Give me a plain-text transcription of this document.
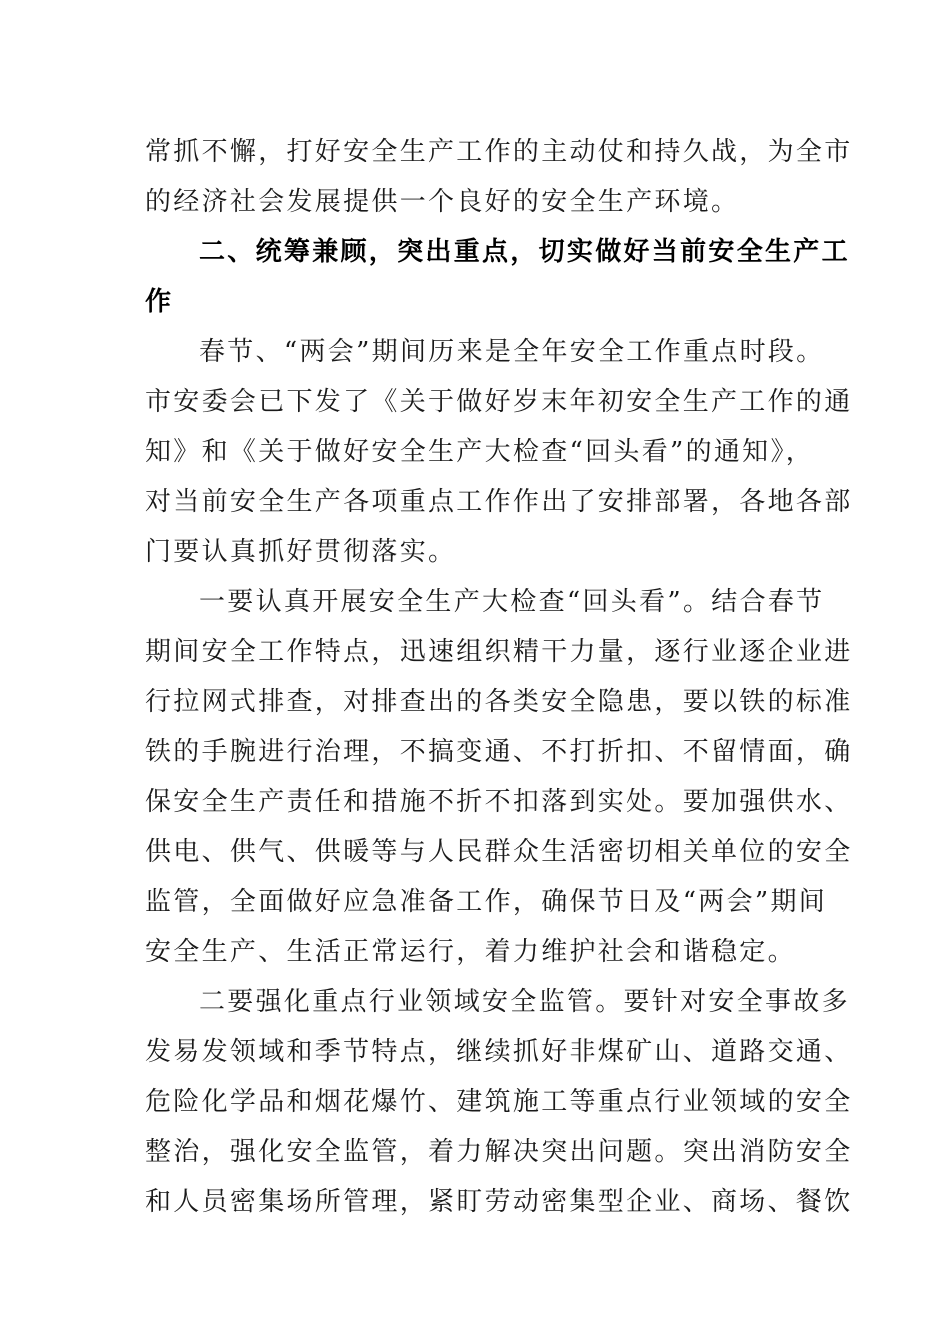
常抓不懈，打好安全生产工作的主动仗和持久战，为全市
的经济社会发展提供一个良好的安全生产环境。
二、统筹兼顾，突出重点，切实做好当前安全生产工
作
春节、“两会”期间历来是全年安全工作重点时段。
市安委会已下发了《关于做好岁末年初安全生产工作的通
知》和《关于做好安全生产大检查“回头看”的通知》，
对当前安全生产各项重点工作作出了安排部署，各地各部
门要认真抓好贯彻落实。
一要认真开展安全生产大检查“回头看”。结合春节
期间安全工作特点，迅速组织精干力量，逐行业逐企业进
行拉网式排查，对排查出的各类安全隐患，要以铁的标准
铁的手腕进行治理，不搞变通、不打折扣、不留情面，确
保安全生产责任和措施不折不扣落到实处。要加强供水、
供电、供气、供暖等与人民群众生活密切相关单位的安全
监管，全面做好应急准备工作，确保节日及“两会”期间
安全生产、生活正常运行，着力维护社会和谐稳定。
二要强化重点行业领域安全监管。要针对安全事故多
发易发领域和季节特点，继续抓好非煤矿山、道路交通、
危险化学品和烟花爆竹、建筑施工等重点行业领域的安全
整治，强化安全监管，着力解决突出问题。突出消防安全
和人员密集场所管理，紧盯劳动密集型企业、商场、餐饮
